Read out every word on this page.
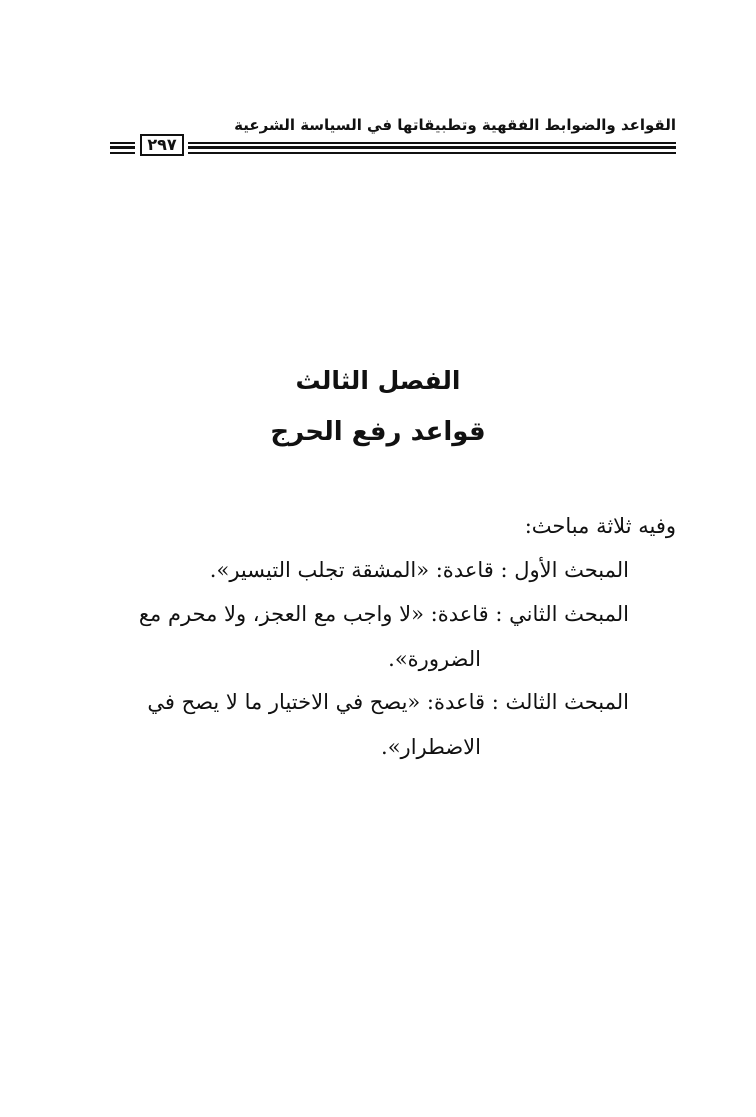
القواعد والضوابط الفقهية وتطبيقاتها في السياسة الشرعية
٢٩٧
الفصل الثالث
قواعد رفع الحرج
وفيه ثلاثة مباحث:
المبحث الأول : قاعدة: «المشقة تجلب التيسير».
المبحث الثاني : قاعدة: «لا واجب مع العجز، ولا محرم مع
الضرورة».
المبحث الثالث : قاعدة: «يصح في الاختيار ما لا يصح في
الاضطرار».
